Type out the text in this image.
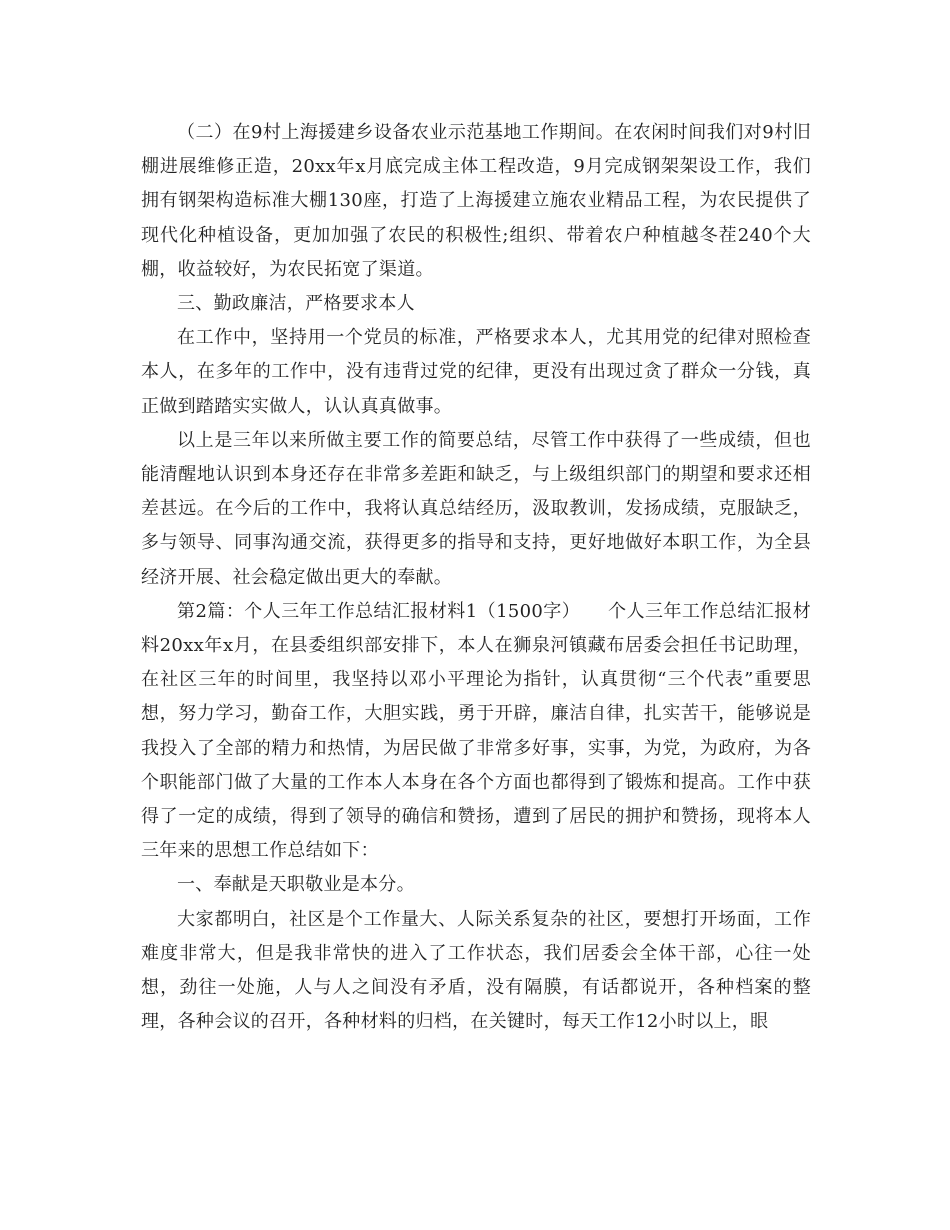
（二）在9村上海援建乡设备农业示范基地工作期间。在农闲时间我们对9村旧棚进展维修正造，20xx年x月底完成主体工程改造，9月完成钢架架设工作，我们拥有钢架构造标准大棚130座，打造了上海援建立施农业精品工程，为农民提供了现代化种植设备，更加加强了农民的积极性;组织、带着农户种植越冬茬240个大棚，收益较好，为农民拓宽了渠道。

三、勤政廉洁，严格要求本人

在工作中，坚持用一个党员的标准，严格要求本人，尤其用党的纪律对照检查本人，在多年的工作中，没有违背过党的纪律，更没有出现过贪了群众一分钱，真正做到踏踏实实做人，认认真真做事。

以上是三年以来所做主要工作的简要总结，尽管工作中获得了一些成绩，但也能清醒地认识到本身还存在非常多差距和缺乏，与上级组织部门的期望和要求还相差甚远。在今后的工作中，我将认真总结经历，汲取教训，发扬成绩，克服缺乏，多与领导、同事沟通交流，获得更多的指导和支持，更好地做好本职工作，为全县经济开展、社会稳定做出更大的奉献。

第2篇：个人三年工作总结汇报材料1（1500字）　　个人三年工作总结汇报材料20xx年x月，在县委组织部安排下，本人在狮泉河镇藏布居委会担任书记助理，在社区三年的时间里，我坚持以邓小平理论为指针，认真贯彻“三个代表”重要思想，努力学习，勤奋工作，大胆实践，勇于开辟，廉洁自律，扎实苦干，能够说是我投入了全部的精力和热情，为居民做了非常多好事，实事，为党，为政府，为各个职能部门做了大量的工作本人本身在各个方面也都得到了锻炼和提高。工作中获得了一定的成绩，得到了领导的确信和赞扬，遭到了居民的拥护和赞扬，现将本人三年来的思想工作总结如下：

一、奉献是天职敬业是本分。

大家都明白，社区是个工作量大、人际关系复杂的社区，要想打开场面，工作难度非常大，但是我非常快的进入了工作状态，我们居委会全体干部，心往一处想，劲往一处施，人与人之间没有矛盾，没有隔膜，有话都说开，各种档案的整理，各种会议的召开，各种材料的归档，在关键时，每天工作12小时以上，眼
